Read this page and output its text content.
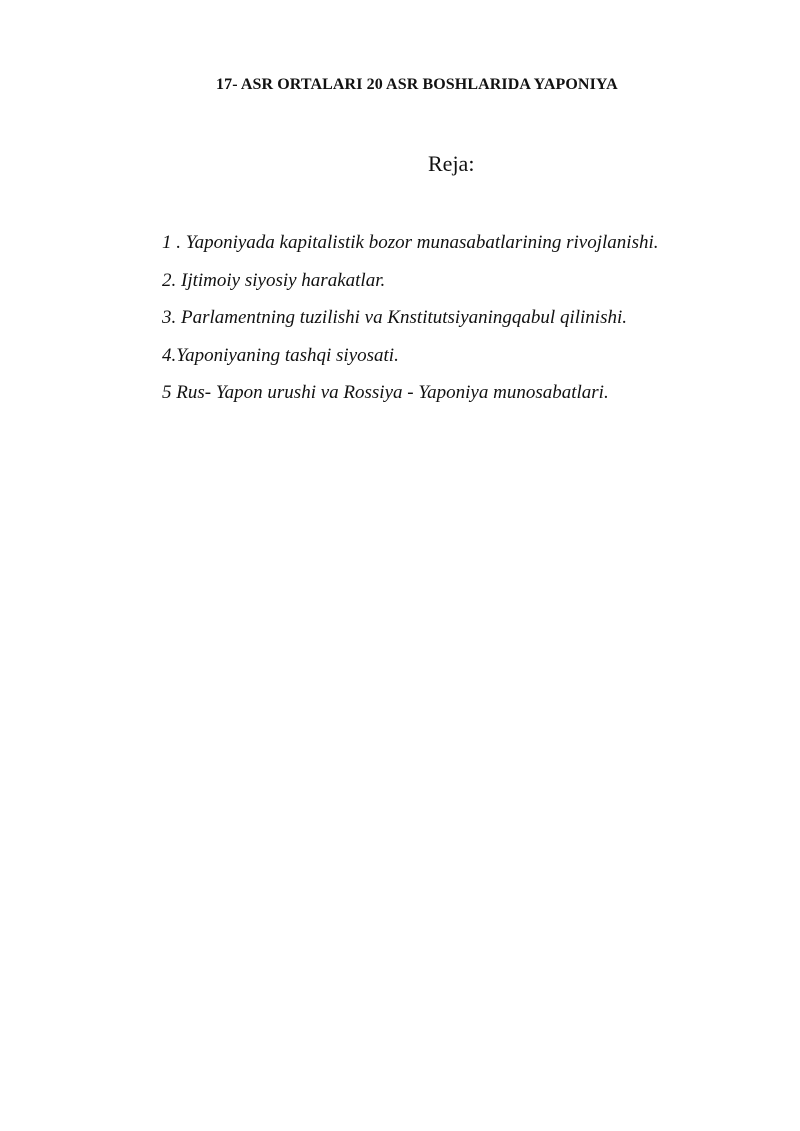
17- ASR ORTALARI 20 ASR BOSHLARIDA YAPONIYA
Reja:
1 . Yaponiyada kapitalistik bozor munasabatlarining rivojlanishi.
2. Ijtimoiy siyosiy harakatlar.
3. Parlamentning tuzilishi va Knstitutsiyaningqabul qilinishi.
4.Yaponiyaning tashqi siyosati.
5 Rus- Yapon urushi va Rossiya - Yaponiya munosabatlari.
